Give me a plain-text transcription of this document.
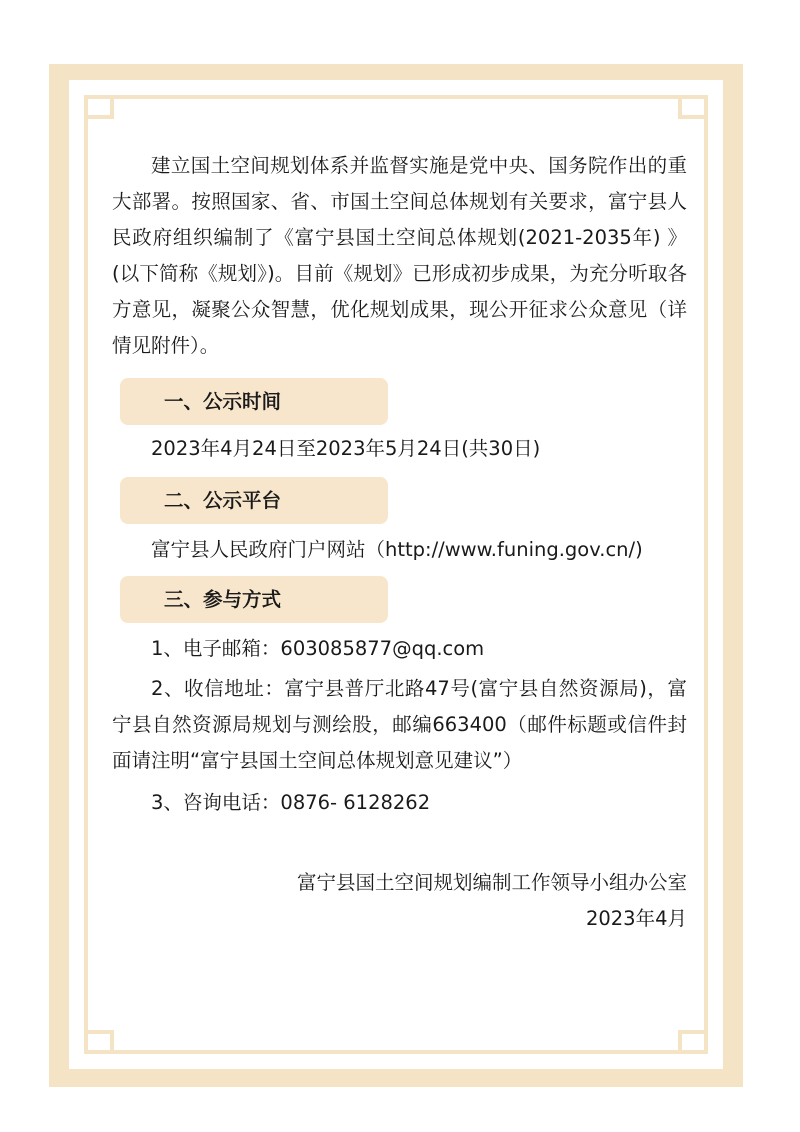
建立国土空间规划体系并监督实施是党中央、国务院作出的重大部署。按照国家、省、市国土空间总体规划有关要求，富宁县人民政府组织编制了《富宁县国土空间总体规划(2021-2035年) 》(以下简称《规划》)。目前《规划》已形成初步成果，为充分听取各方意见，凝聚公众智慧，优化规划成果，现公开征求公众意见（详情见附件）。

一、公示时间

2023年4月24日至2023年5月24日(共30日)

二、公示平台

富宁县人民政府门户网站（http://www.funing.gov.cn/)

三、参与方式

1、电子邮箱：603085877@qq.com

2、收信地址：富宁县普厅北路47号(富宁县自然资源局)，富宁县自然资源局规划与测绘股，邮编663400（邮件标题或信件封面请注明“富宁县国土空间总体规划意见建议”）

3、咨询电话：0876- 6128262

富宁县国土空间规划编制工作领导小组办公室
2023年4月
